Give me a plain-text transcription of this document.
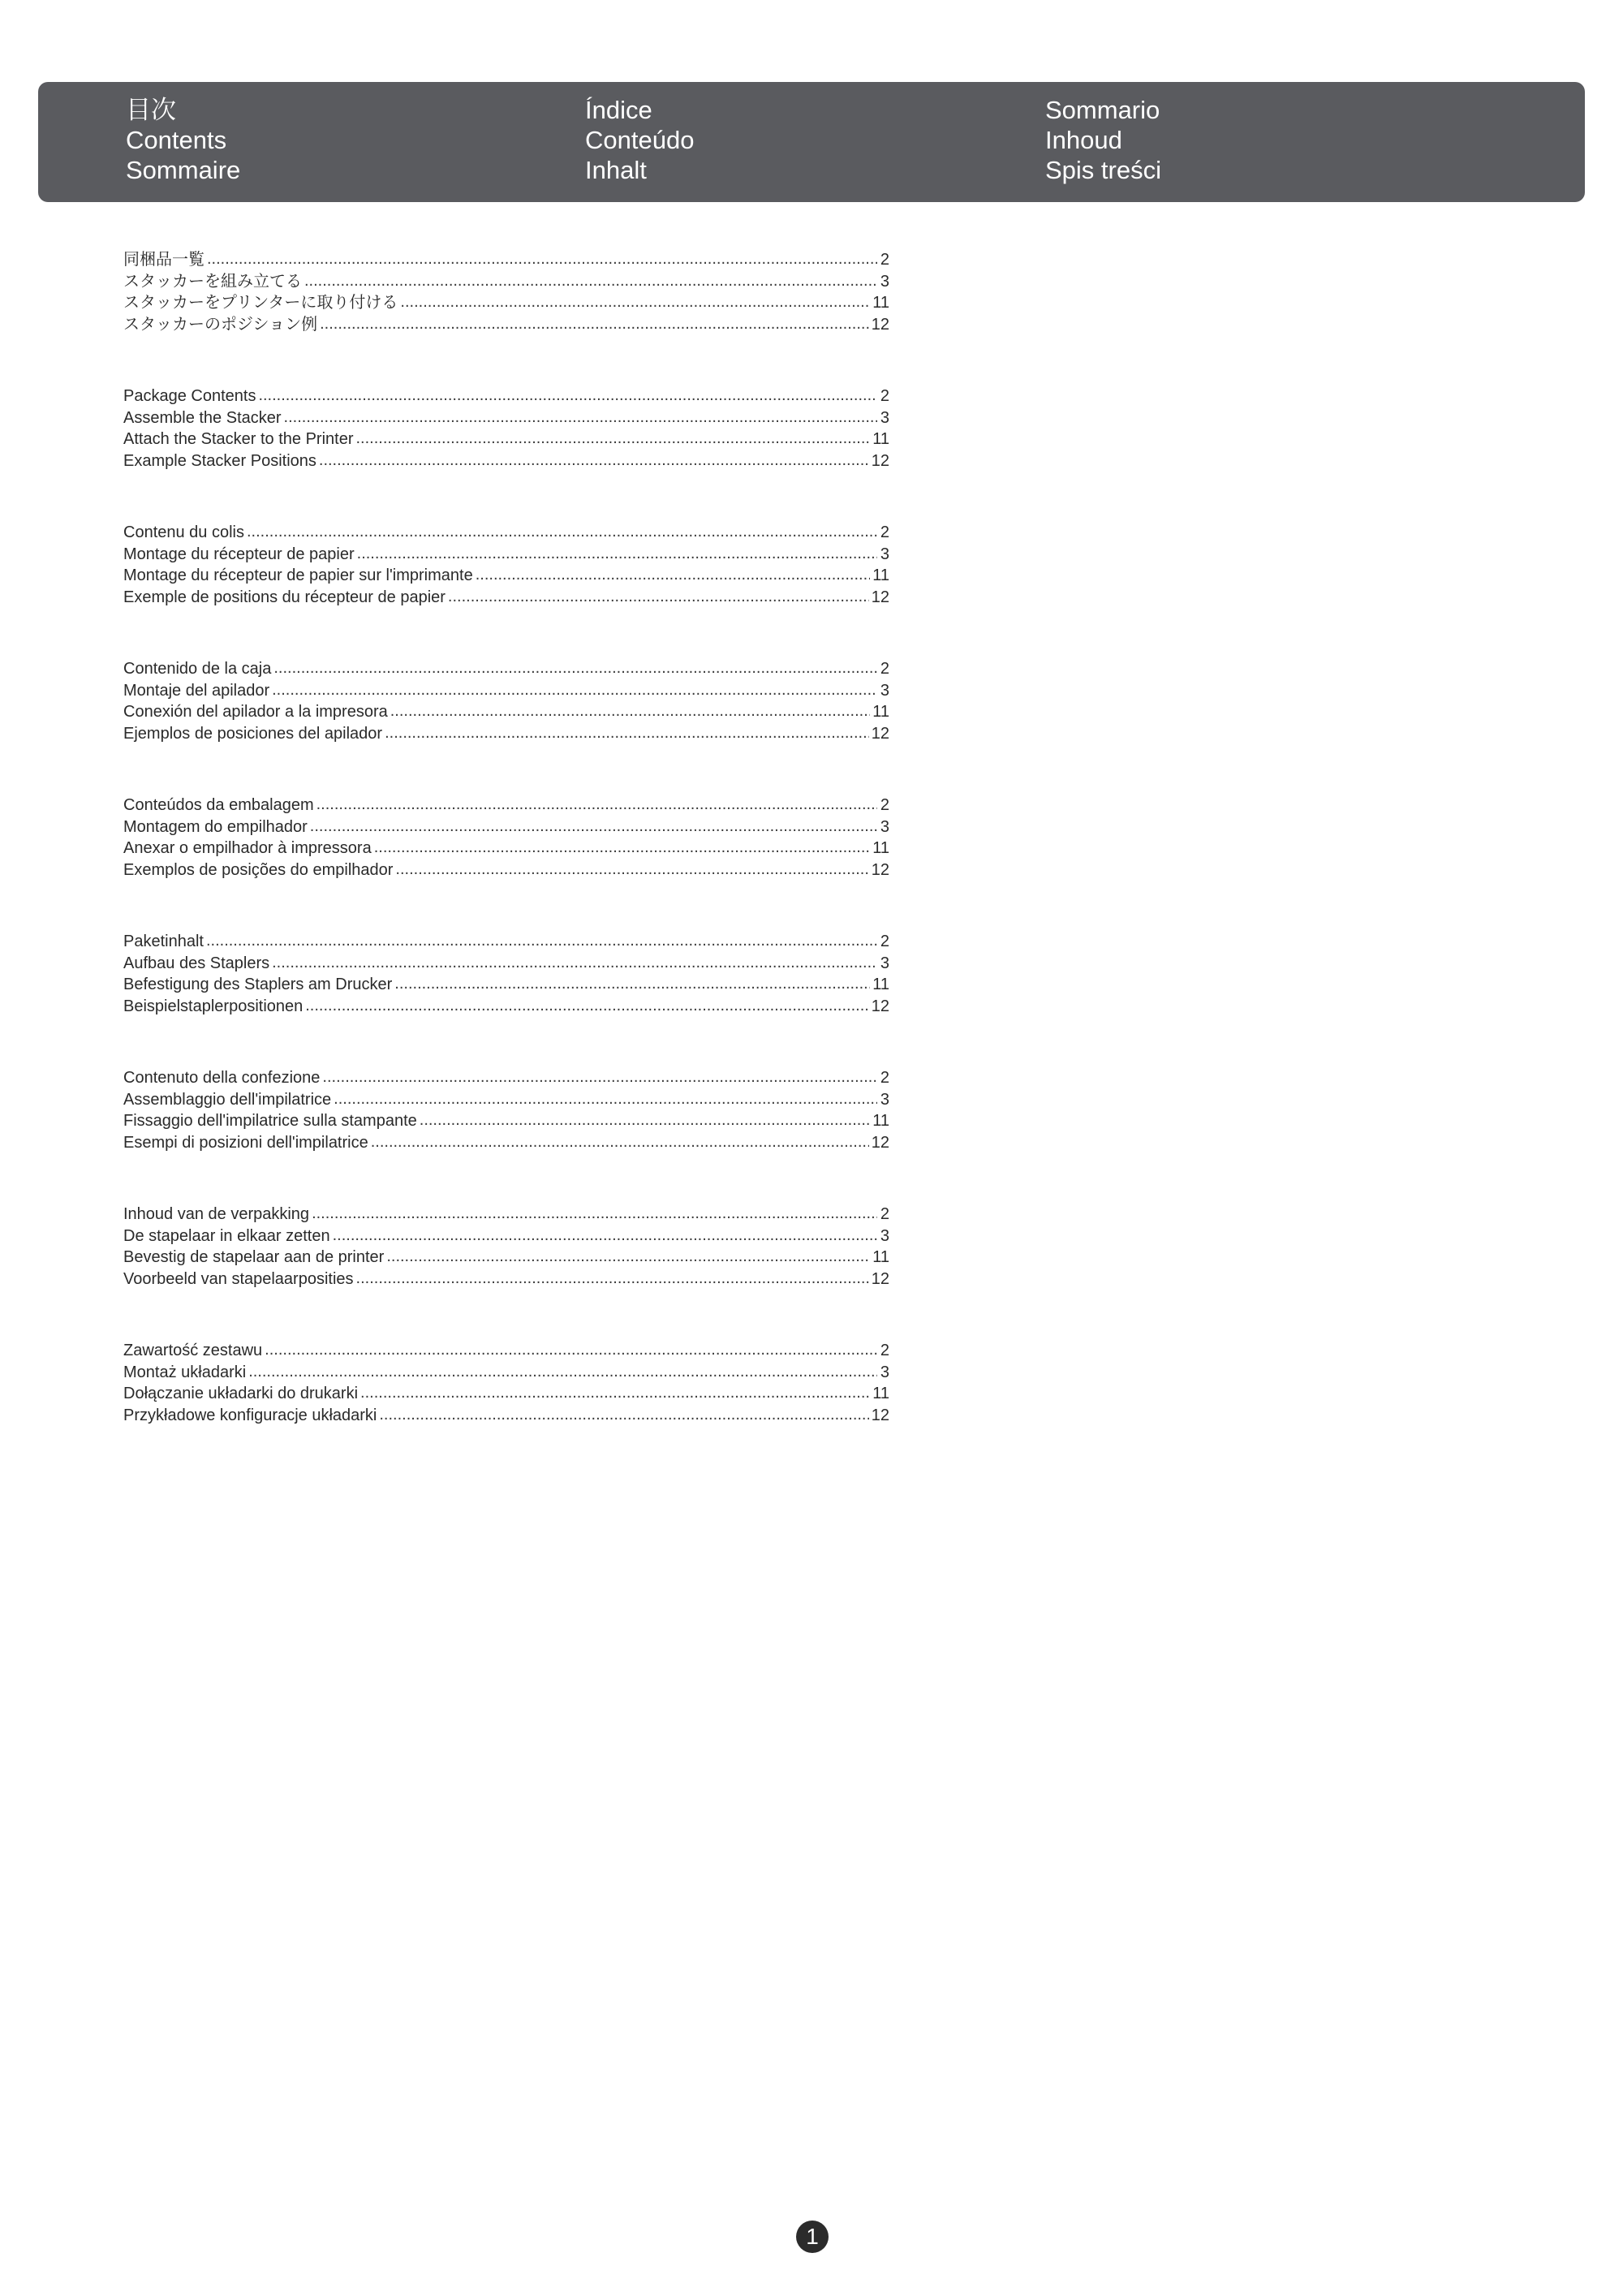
目次
Contents
Sommaire
Índice
Conteúdo
Inhalt
Sommario
Inhoud
Spis treści
同梱品一覧 .....	2
スタッカーを組み立てる .....	3
スタッカーをプリンターに取り付ける .....	11
スタッカーのポジション例 .....	12
Package Contents .....	2
Assemble the Stacker .....	3
Attach the Stacker to the Printer .....	11
Example Stacker Positions .....	12
Contenu du colis .....	2
Montage du récepteur de papier .....	3
Montage du récepteur de papier sur l'imprimante .....	11
Exemple de positions du récepteur de papier .....	12
Contenido de la caja .....	2
Montaje del apilador .....	3
Conexión del apilador a la impresora .....	11
Ejemplos de posiciones del apilador .....	12
Conteúdos da embalagem .....	2
Montagem do empilhador .....	3
Anexar o empilhador à impressora .....	11
Exemplos de posições do empilhador .....	12
Paketinhalt .....	2
Aufbau des Staplers .....	3
Befestigung des Staplers am Drucker .....	11
Beispielstaplerpositionen .....	12
Contenuto della confezione .....	2
Assemblaggio dell'impilatrice .....	3
Fissaggio dell'impilatrice sulla stampante .....	11
Esempi di posizioni dell'impilatrice .....	12
Inhoud van de verpakking .....	2
De stapelaar in elkaar zetten .....	3
Bevestig de stapelaar aan de printer .....	11
Voorbeeld van stapelaarposities .....	12
Zawartość zestawu .....	2
Montaż układarki .....	3
Dołączanie układarki do drukarki .....	11
Przykładowe konfiguracje układarki .....	12
1
